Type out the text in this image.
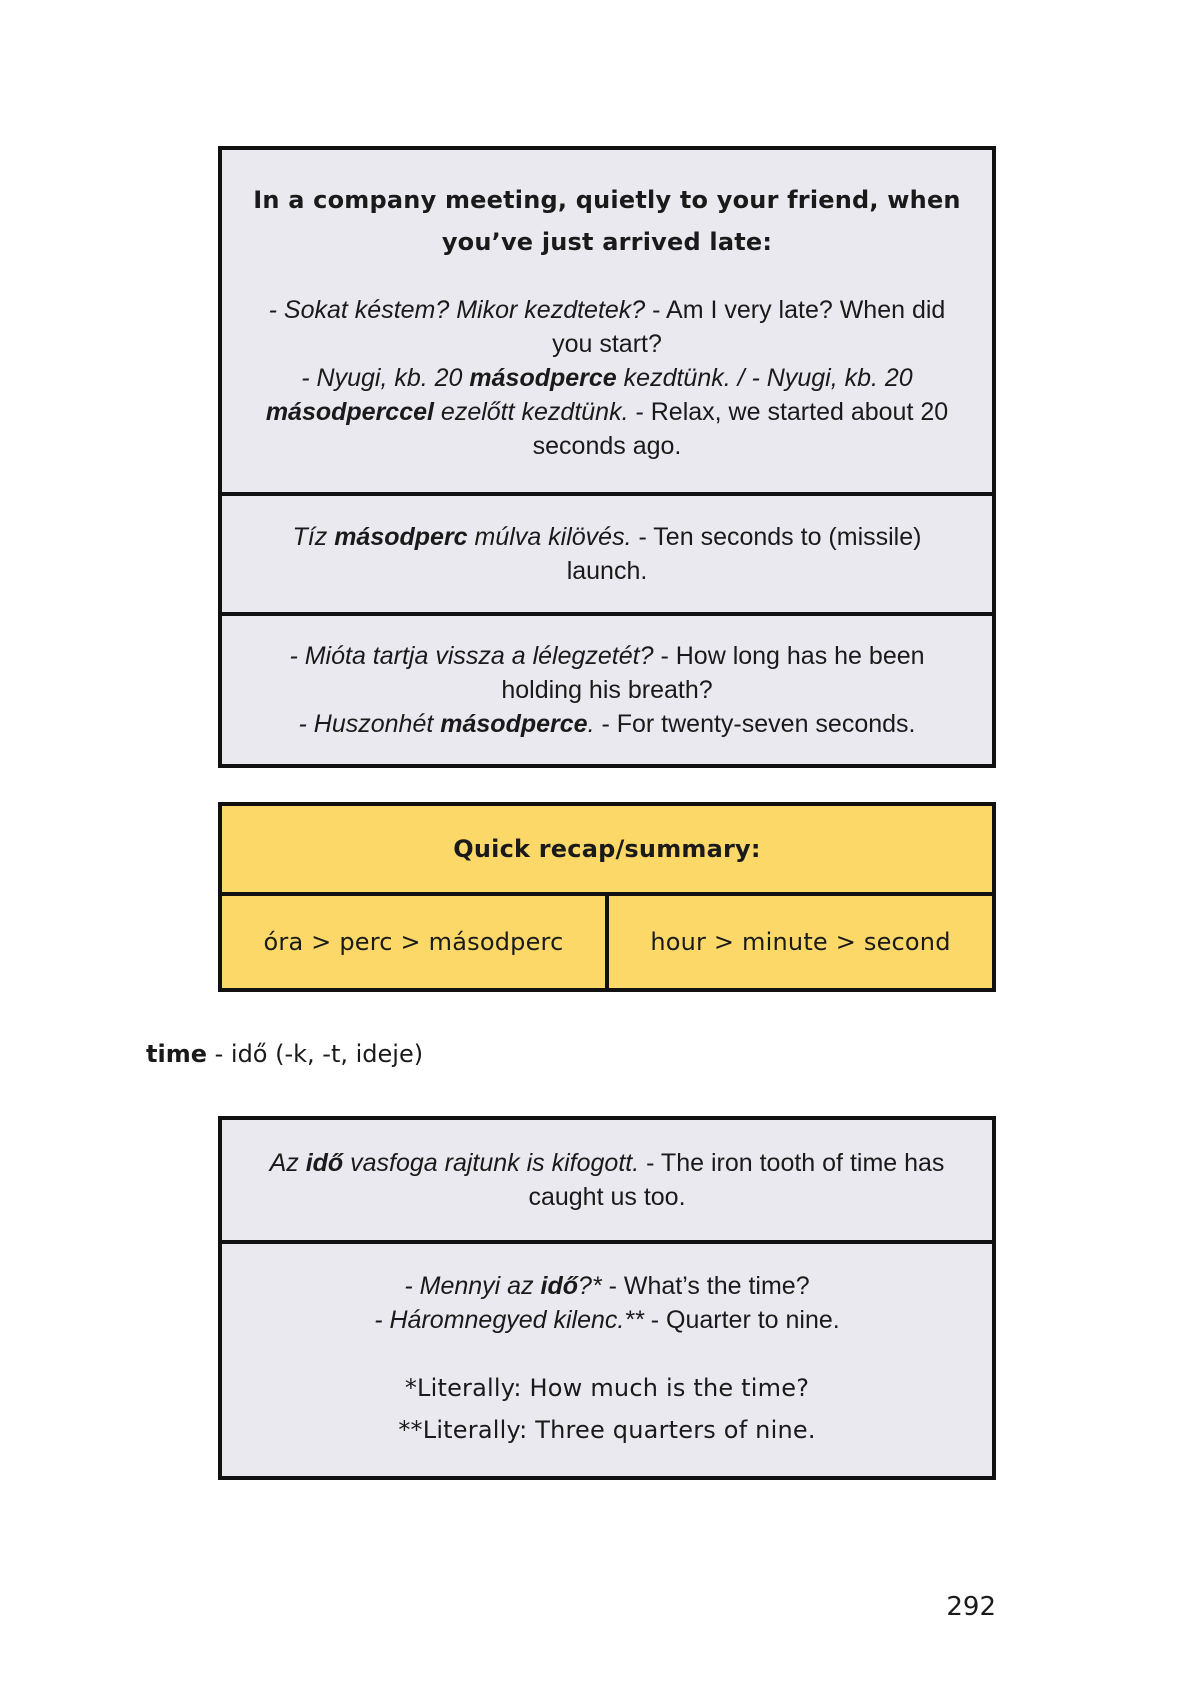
In a company meeting, quietly to your friend, when
you’ve just arrived late:
- Sokat késtem? Mikor kezdtetek? - Am I very late? When did you start?
- Nyugi, kb. 20 másodperce kezdtünk. / - Nyugi, kb. 20 másodperccel ezelőtt kezdtünk. - Relax, we started about 20 seconds ago.
Tíz másodperc múlva kilövés. - Ten seconds to (missile) launch.
- Mióta tartja vissza a lélegzetét? - How long has he been holding his breath?
- Huszonhét másodperce. - For twenty-seven seconds.
Quick recap/summary:
óra > perc > másodperc	hour > minute > second
time - idő (-k, -t, ideje)
Az idő vasfoga rajtunk is kifogott. - The iron tooth of time has caught us too.
- Mennyi az idő?* - What’s the time?
- Háromnegyed kilenc.** - Quarter to nine.
*Literally: How much is the time?
**Literally: Three quarters of nine.
292
